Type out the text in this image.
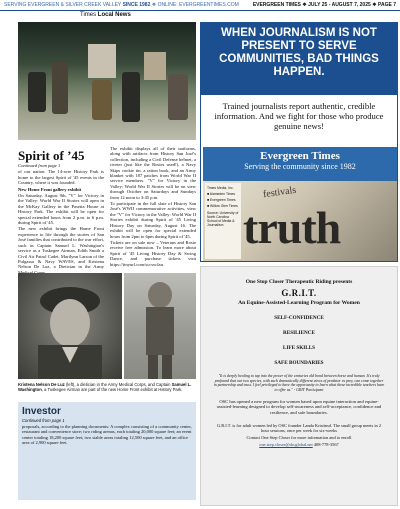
SERVING EVERGREEN & SILVER CREEK VALLEY SINCE 1982 ❖ ONLINE: EVERGREENTIMES.COM	EVERGREEN TIMES ❖ JULY 25 - AUGUST 7, 2025 ❖ PAGE 7
Times Local News
Spirit of ’45

Continued from page 1

of our nation. The 14-acre History Park is home to the largest Spirit of '45 events in the Country, where it was founded.

New Home Front gallery exhibit

On Saturday, August 9th, "V" for Victory in the Valley: World War II Stories will open in the McKay Gallery in the Pasetta House at History Park. The exhibit will be open for special extended hours from 2 p.m. to 6 p.m. during Spirit of '45.

The new exhibit brings the Home Front experience to life through the stories of San José families that contributed to the war effort, such as Captain Samuel L. Washington's service as a Tuskegee Airman, Edith Smith a Civil Air Patrol Cadet, Marilynn Larson of the Pulgasso & Navy WAVES, and Kristena Nelson De Luz, a Dietician in the Army

The exhibit displays all of their uniforms, along with artifacts from History San José's collection, including a Civil Defense helmet, a riveter (just like the Rosies used!), a Navy Skips cookie tin, a ration book, and an Army blanket with 187 patches from World War II service members. "V" for Victory in the Valley: World War II Stories will be on view through October on Saturdays and Sundays from 12 noon to 3:45 p.m.

To participate in the full slate of History San José's WWII commemorative activities, view the "V" for Victory in the Valley: World War II Stories exhibit during Spirit of '45 Living History Day on Saturday, August 16. The exhibit will be open for special extended hours from 2pm to 6pm during Spirit of '45.

Tickets are on sale now – Veterans and Rosie receive free admission. To learn more about Spirit of '45 Living History Day & Swing Dance, and purchase tickets visit https://tinyurl.com/sccsw4xu

Kristena Nelson De Luz (left), a dietician in the Army Medical Corps, and Captain Samuel L. Washington, a Tuskegee Airman are part of the new Home Front exhibit at History Park.
Investor
Continued from page 1
proposals, according to the planning documents: A complex consisting of a community center, restaurant and convenience store; two riding arenas, each totaling 20,000 square feet; an event center totaling 18,200 square feet; two stable areas totaling 12,500 square feet, and an office area of 2,900 square feet.
WHEN JOURNALISM IS NOT PRESENT TO SERVE COMMUNITIES, BAD THINGS HAPPEN.
Trained journalists report authentic, credible information. And we fight for those who produce genuine news!
Evergreen Times
Serving the community since 1982
Times Media, Inc.
■ Alameden Times
■ Evergreen Times
■ Willow Glen Times
Source: University of North Carolina School of Media & Journalism
festivals
truth
One Stop Closer Therapeutic Riding presents
G.R.I.T.
An Equine-Assisted-Learning Program for Women
SELF-CONFIDENCE
RESILIENCE
LIFE SKILLS
SAFE BOUNDARIES
"It is deeply healing to tap into the power of the centuries old bond between horse and human. It's truly profound that our two species, with such dramatically different views of predator vs prey, can come together in partnership and trust. I feel privileged to have the opportunity to learn what these incredible teachers have to offer us." - GRIT Participant
OSC has opened a new program for women based upon equine interaction and equine-assisted-learning designed to develop self-awareness and self-acceptance, confidence and resilience, and safe boundaries.
G.R.I.T. is for adult women led by OSC founder Landa Kristinsd. The small group meets in 2 hour sessions, once per week for six-weeks
Contact One Step Closer for more information and to enroll
one.step.closer@sbcglobal.net 408-778-3567
